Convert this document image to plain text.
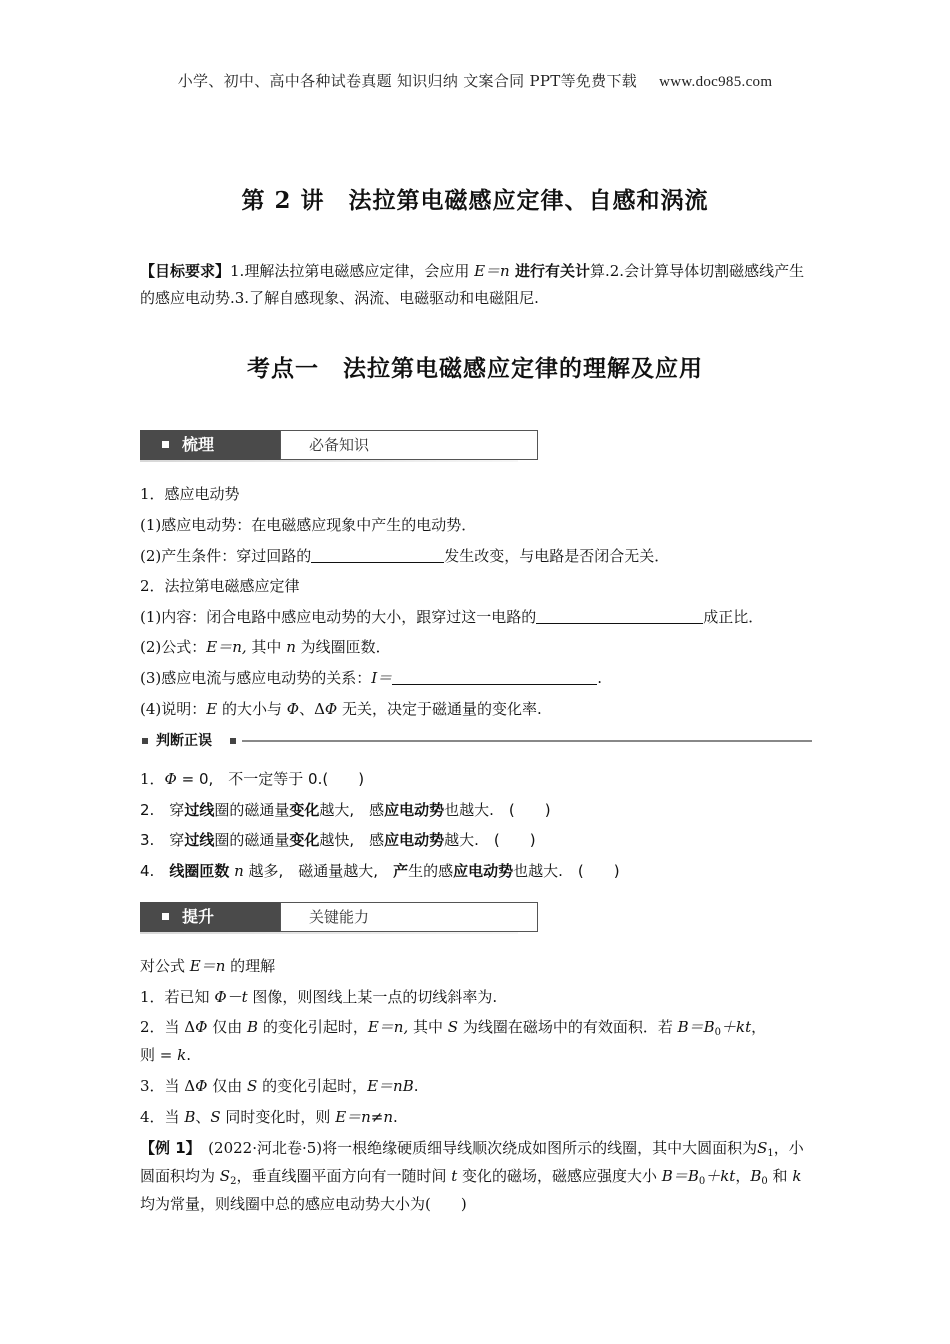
小学、初中、高中各种试卷真题 知识归纳 文案合同 PPT等免费下载 www.doc985.com
第 2 讲　法拉第电磁感应定律、自感和涡流
【目标要求】1.理解法拉第电磁感应定律，会应用 E＝n 进行有关计算.2.会计算导体切割磁感线产生的感应电动势.3.了解自感现象、涡流、电磁驱动和电磁阻尼.
考点一　法拉第电磁感应定律的理解及应用
梳理	必备知识
1．感应电动势
(1)感应电动势：在电磁感应现象中产生的电动势．
(2)产生条件：穿过回路的	发生改变，与电路是否闭合无关．
2．法拉第电磁感应定律
(1)内容：闭合电路中感应电动势的大小，跟穿过这一电路的	成正比．
(2)公式：E＝n, 其中 n 为线圈匝数．
(3)感应电流与感应电动势的关系：I＝	.
(4)说明：E 的大小与 Φ、ΔΦ 无关，决定于磁通量的变化率.
判断正误
1．Φ = 0,　不一定等于 0.(　　)
2.　穿过线圈的磁通量变化越大,　感应电动势也越大.　(　　)
3.　穿过线圈的磁通量变化越快,　感应电动势越大.　(　　)
4.　线圈匝数 n 越多,　磁通量越大,　产生的感应电动势也越大.　(　　)
提升	关键能力
对公式 E＝n 的理解
1．若已知 Φ－t 图像，则图线上某一点的切线斜率为.
2．当 ΔΦ 仅由 B 的变化引起时，E＝n, 其中 S 为线圈在磁场中的有效面积．若 $B=B_0+kt$，
则 = k.
3．当 ΔΦ 仅由 S 的变化引起时，E＝nB.
4．当 B、S 同时变化时，则 E＝n≠n.
【例 1】　(2022·河北卷·5)将一根绝缘硬质细导线顺次绕成如图所示的线圈，其中大圆面积为$S_1$，小圆面积均为 $S_2$，垂直线圈平面方向有一随时间 t 变化的磁场，磁感应强度大小 $B=B_0+kt$，$B_0$ 和 k 均为常量，则线圈中总的感应电动势大小为(　　)
